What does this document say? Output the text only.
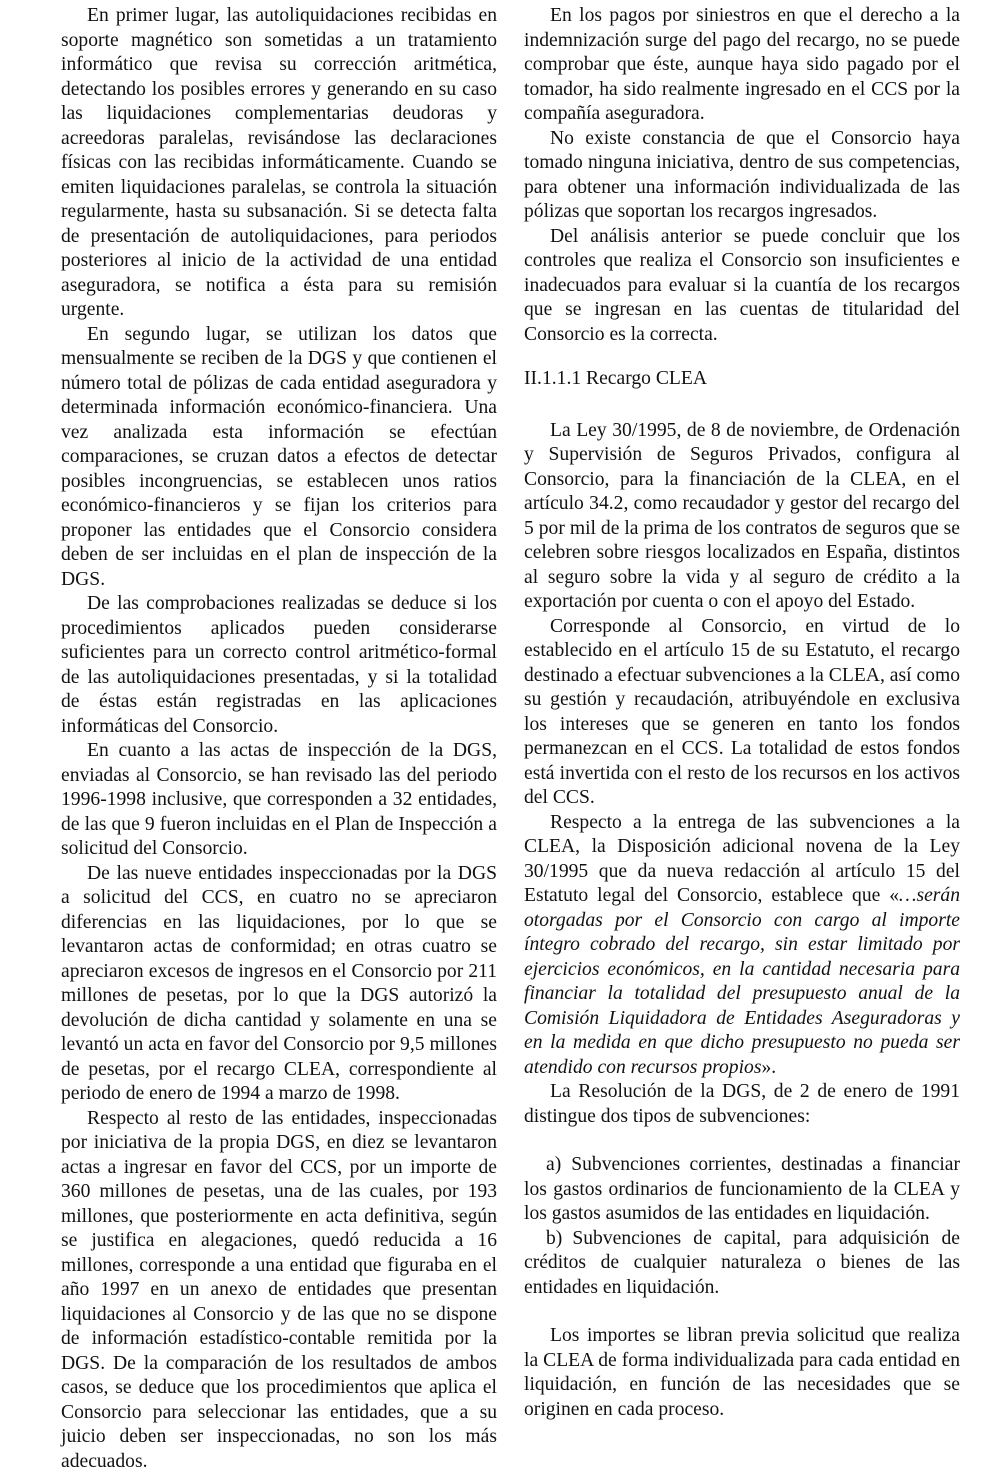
En primer lugar, las autoliquidaciones recibidas en soporte magnético son sometidas a un tratamiento informático que revisa su corrección aritmética, detectando los posibles errores y generando en su caso las liquidaciones complementarias deudoras y acreedoras paralelas, revisándose las declaraciones físicas con las recibidas informáticamente. Cuando se emiten liquidaciones paralelas, se controla la situación regularmente, hasta su subsanación. Si se detecta falta de presentación de autoliquidaciones, para periodos posteriores al inicio de la actividad de una entidad aseguradora, se notifica a ésta para su remisión urgente.

En segundo lugar, se utilizan los datos que mensualmente se reciben de la DGS y que contienen el número total de pólizas de cada entidad aseguradora y determinada información económico-financiera. Una vez analizada esta información se efectúan comparaciones, se cruzan datos a efectos de detectar posibles incongruencias, se establecen unos ratios económico-financieros y se fijan los criterios para proponer las entidades que el Consorcio considera deben de ser incluidas en el plan de inspección de la DGS.

De las comprobaciones realizadas se deduce si los procedimientos aplicados pueden considerarse suficientes para un correcto control aritmético-formal de las autoliquidaciones presentadas, y si la totalidad de éstas están registradas en las aplicaciones informáticas del Consorcio.

En cuanto a las actas de inspección de la DGS, enviadas al Consorcio, se han revisado las del periodo 1996-1998 inclusive, que corresponden a 32 entidades, de las que 9 fueron incluidas en el Plan de Inspección a solicitud del Consorcio.

De las nueve entidades inspeccionadas por la DGS a solicitud del CCS, en cuatro no se apreciaron diferencias en las liquidaciones, por lo que se levantaron actas de conformidad; en otras cuatro se apreciaron excesos de ingresos en el Consorcio por 211 millones de pesetas, por lo que la DGS autorizó la devolución de dicha cantidad y solamente en una se levantó un acta en favor del Consorcio por 9,5 millones de pesetas, por el recargo CLEA, correspondiente al periodo de enero de 1994 a marzo de 1998.

Respecto al resto de las entidades, inspeccionadas por iniciativa de la propia DGS, en diez se levantaron actas a ingresar en favor del CCS, por un importe de 360 millones de pesetas, una de las cuales, por 193 millones, que posteriormente en acta definitiva, según se justifica en alegaciones, quedó reducida a 16 millones, corresponde a una entidad que figuraba en el año 1997 en un anexo de entidades que presentan liquidaciones al Consorcio y de las que no se dispone de información estadístico-contable remitida por la DGS. De la comparación de los resultados de ambos casos, se deduce que los procedimientos que aplica el Consorcio para seleccionar las entidades, que a su juicio deben ser inspeccionadas, no son los más adecuados.

En los pagos por siniestros en que el derecho a la indemnización surge del pago del recargo, no se puede comprobar que éste, aunque haya sido pagado por el tomador, ha sido realmente ingresado en el CCS por la compañía aseguradora.

No existe constancia de que el Consorcio haya tomado ninguna iniciativa, dentro de sus competencias, para obtener una información individualizada de las pólizas que soportan los recargos ingresados.

Del análisis anterior se puede concluir que los controles que realiza el Consorcio son insuficientes e inadecuados para evaluar si la cuantía de los recargos que se ingresan en las cuentas de titularidad del Consorcio es la correcta.

II.1.1.1 Recargo CLEA

La Ley 30/1995, de 8 de noviembre, de Ordenación y Supervisión de Seguros Privados, configura al Consorcio, para la financiación de la CLEA, en el artículo 34.2, como recaudador y gestor del recargo del 5 por mil de la prima de los contratos de seguros que se celebren sobre riesgos localizados en España, distintos al seguro sobre la vida y al seguro de crédito a la exportación por cuenta o con el apoyo del Estado.

Corresponde al Consorcio, en virtud de lo establecido en el artículo 15 de su Estatuto, el recargo destinado a efectuar subvenciones a la CLEA, así como su gestión y recaudación, atribuyéndole en exclusiva los intereses que se generen en tanto los fondos permanezcan en el CCS. La totalidad de estos fondos está invertida con el resto de los recursos en los activos del CCS.

Respecto a la entrega de las subvenciones a la CLEA, la Disposición adicional novena de la Ley 30/1995 que da nueva redacción al artículo 15 del Estatuto legal del Consorcio, establece que «…serán otorgadas por el Consorcio con cargo al importe íntegro cobrado del recargo, sin estar limitado por ejercicios económicos, en la cantidad necesaria para financiar la totalidad del presupuesto anual de la Comisión Liquidadora de Entidades Aseguradoras y en la medida en que dicho presupuesto no pueda ser atendido con recursos propios».

La Resolución de la DGS, de 2 de enero de 1991 distingue dos tipos de subvenciones:

a) Subvenciones corrientes, destinadas a financiar los gastos ordinarios de funcionamiento de la CLEA y los gastos asumidos de las entidades en liquidación.

b) Subvenciones de capital, para adquisición de créditos de cualquier naturaleza o bienes de las entidades en liquidación.

Los importes se libran previa solicitud que realiza la CLEA de forma individualizada para cada entidad en liquidación, en función de las necesidades que se originen en cada proceso.
